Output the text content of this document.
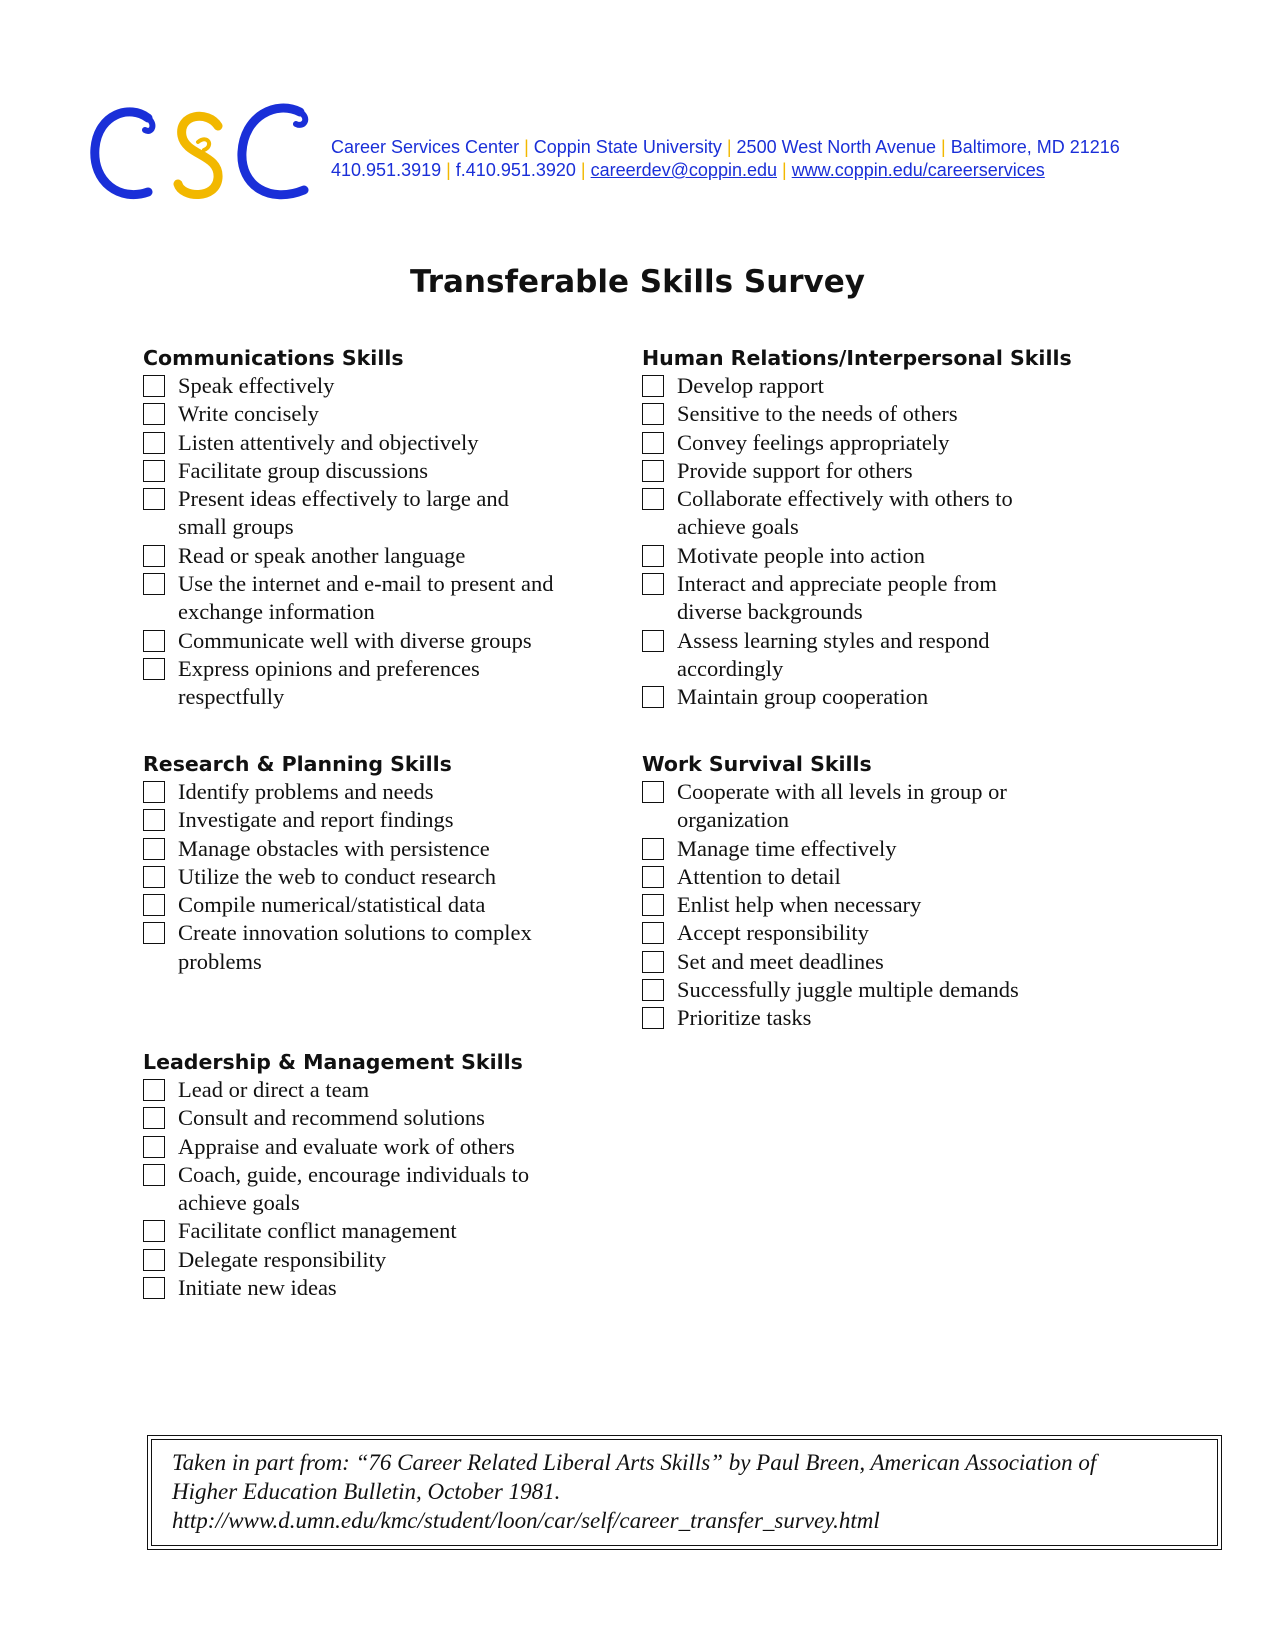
Career Services Center | Coppin State University | 2500 West North Avenue | Baltimore, MD 21216
410.951.3919 | f.410.951.3920 | careerdev@coppin.edu | www.coppin.edu/careerservices
Transferable Skills Survey
Communications Skills
Speak effectively
Write concisely
Listen attentively and objectively
Facilitate group discussions
Present ideas effectively to large and
small groups
Read or speak another language
Use the internet and e-mail to present and
exchange information
Communicate well with diverse groups
Express opinions and preferences
respectfully
Human Relations/Interpersonal Skills
Develop rapport
Sensitive to the needs of others
Convey feelings appropriately
Provide support for others
Collaborate effectively with others to
achieve goals
Motivate people into action
Interact and appreciate people from
diverse backgrounds
Assess learning styles and respond
accordingly
Maintain group cooperation
Research & Planning Skills
Identify problems and needs
Investigate and report findings
Manage obstacles with persistence
Utilize the web to conduct research
Compile numerical/statistical data
Create innovation solutions to complex
problems
Work Survival Skills
Cooperate with all levels in group or
organization
Manage time effectively
Attention to detail
Enlist help when necessary
Accept responsibility
Set and meet deadlines
Successfully juggle multiple demands
Prioritize tasks
Leadership & Management Skills
Lead or direct a team
Consult and recommend solutions
Appraise and evaluate work of others
Coach, guide, encourage individuals to
achieve goals
Facilitate conflict management
Delegate responsibility
Initiate new ideas
Taken in part from: “76 Career Related Liberal Arts Skills” by Paul Breen, American Association of
Higher Education Bulletin, October 1981.
http://www.d.umn.edu/kmc/student/loon/car/self/career_transfer_survey.html
